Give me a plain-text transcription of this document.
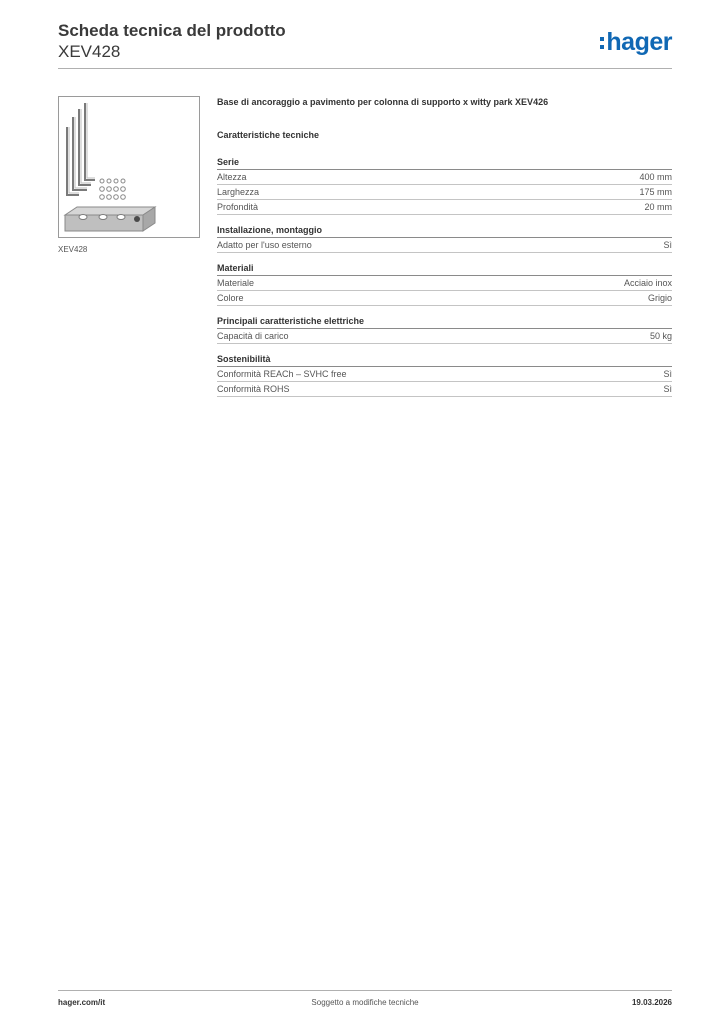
Scheda tecnica del prodotto
XEV428	hager
XEV428
Base di ancoraggio a pavimento per colonna di supporto x witty park XEV426
Caratteristiche tecniche
Serie
Altezza	400 mm
Larghezza	175 mm
Profondità	20 mm
Installazione, montaggio
Adatto per l'uso esterno	Sì
Materiali
Materiale	Acciaio inox
Colore	Grigio
Principali caratteristiche elettriche
Capacità di carico	50 kg
Sostenibilità
Conformità REACh – SVHC free	Sì
Conformità ROHS	Sì
hager.com/it	Soggetto a modifiche tecniche	19.03.2026
